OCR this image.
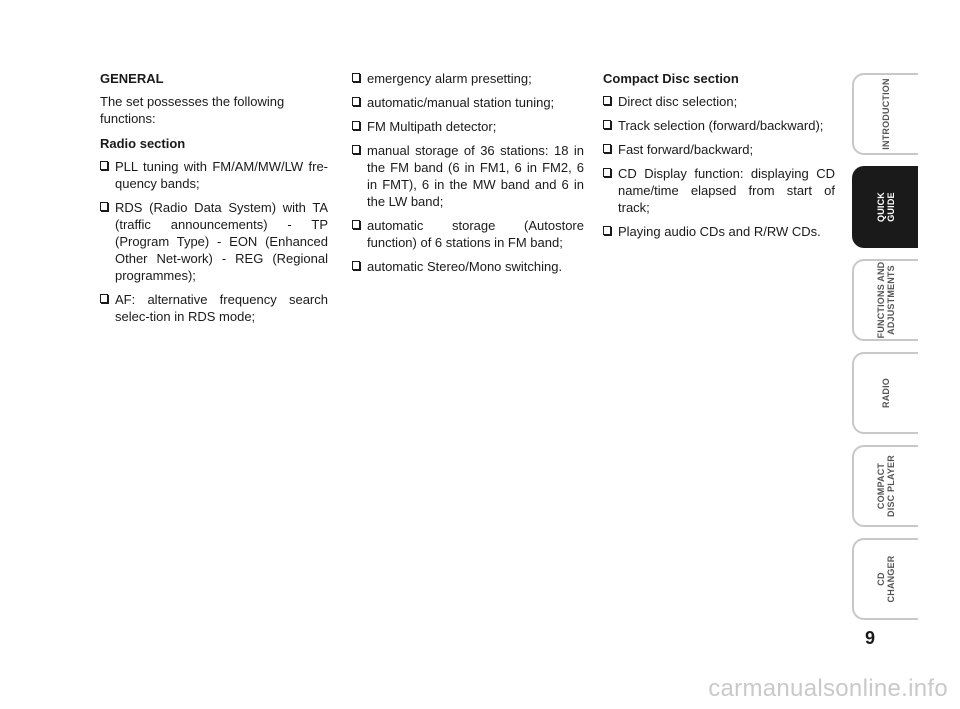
GENERAL
The set possesses the following functions:
Radio section
PLL tuning with FM/AM/MW/LW fre-quency bands;
RDS (Radio Data System) with TA (traffic announcements) - TP (Program Type) - EON (Enhanced Other Net-work) - REG (Regional programmes);
AF: alternative frequency search selec-tion in RDS mode;
emergency alarm presetting;
automatic/manual station tuning;
FM Multipath detector;
manual storage of 36 stations: 18 in the FM band (6 in FM1, 6 in FM2, 6 in FMT), 6 in the MW band and 6 in the LW band;
automatic storage (Autostore function) of 6 stations in FM band;
automatic Stereo/Mono switching.
Compact Disc section
Direct disc selection;
Track selection (forward/backward);
Fast forward/backward;
CD Display function: displaying CD name/time elapsed from start of track;
Playing audio CDs and R/RW CDs.
INTRODUCTION
QUICK
GUIDE
FUNCTIONS AND
ADJUSTMENTS
RADIO
COMPACT
DISC PLAYER
CD
CHANGER
9
carmanualsonline.info
